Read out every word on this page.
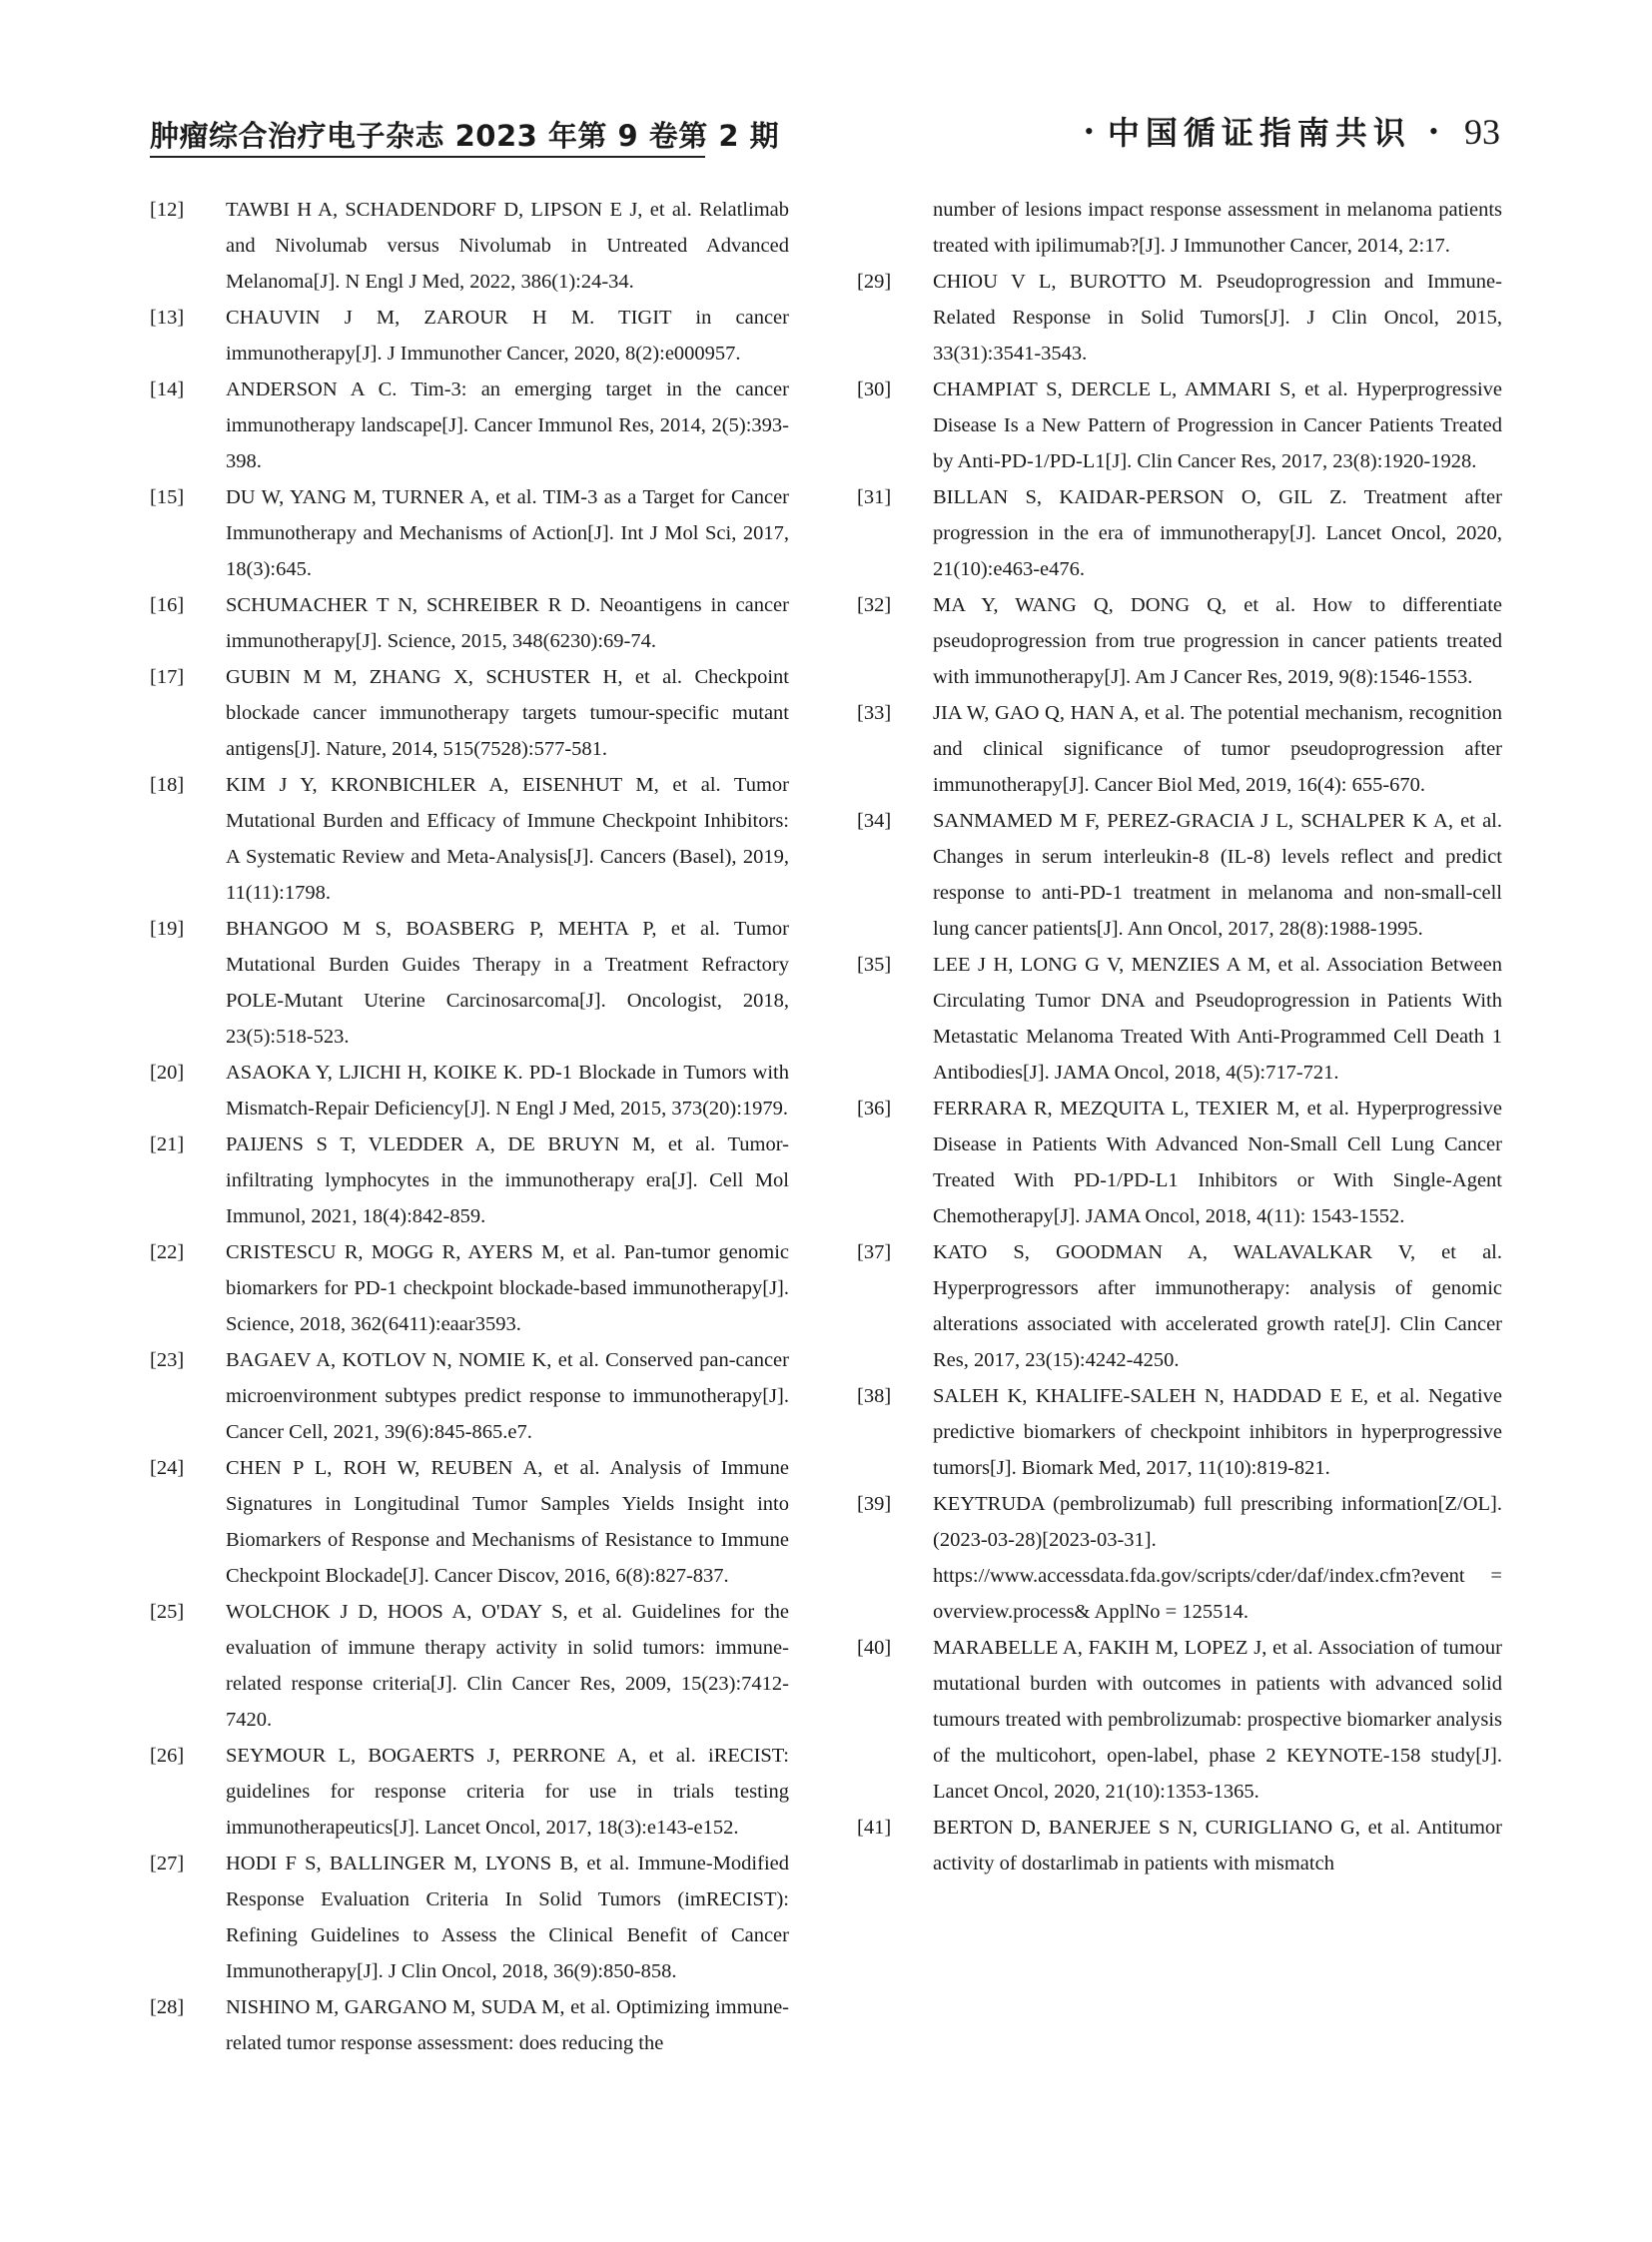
肿瘤综合治疗电子杂志 2023 年第 9 卷第 2 期	• 中国循证指南共识 • 93

[12] TAWBI H A, SCHADENDORF D, LIPSON E J, et al. Relatlimab and Nivolumab versus Nivolumab in Untreated Advanced Melanoma[J]. N Engl J Med, 2022, 386(1):24-34.

[13] CHAUVIN J M, ZAROUR H M. TIGIT in cancer immunotherapy[J]. J Immunother Cancer, 2020, 8(2):e000957.

[14] ANDERSON A C. Tim-3: an emerging target in the cancer immunotherapy landscape[J]. Cancer Immunol Res, 2014, 2(5):393-398.

[15] DU W, YANG M, TURNER A, et al. TIM-3 as a Target for Cancer Immunotherapy and Mechanisms of Action[J]. Int J Mol Sci, 2017, 18(3):645.

[16] SCHUMACHER T N, SCHREIBER R D. Neoantigens in cancer immunotherapy[J]. Science, 2015, 348(6230):69-74.

[17] GUBIN M M, ZHANG X, SCHUSTER H, et al. Checkpoint blockade cancer immunotherapy targets tumour-specific mutant antigens[J]. Nature, 2014, 515(7528):577-581.

[18] KIM J Y, KRONBICHLER A, EISENHUT M, et al. Tumor Mutational Burden and Efficacy of Immune Checkpoint Inhibitors: A Systematic Review and Meta-Analysis[J]. Cancers (Basel), 2019, 11(11):1798.

[19] BHANGOO M S, BOASBERG P, MEHTA P, et al. Tumor Mutational Burden Guides Therapy in a Treatment Refractory POLE-Mutant Uterine Carcinosarcoma[J]. Oncologist, 2018, 23(5):518-523.

[20] ASAOKA Y, LJICHI H, KOIKE K. PD-1 Blockade in Tumors with Mismatch-Repair Deficiency[J]. N Engl J Med, 2015, 373(20):1979.

[21] PAIJENS S T, VLEDDER A, DE BRUYN M, et al. Tumor-infiltrating lymphocytes in the immunotherapy era[J]. Cell Mol Immunol, 2021, 18(4):842-859.

[22] CRISTESCU R, MOGG R, AYERS M, et al. Pan-tumor genomic biomarkers for PD-1 checkpoint blockade-based immunotherapy[J]. Science, 2018, 362(6411):eaar3593.

[23] BAGAEV A, KOTLOV N, NOMIE K, et al. Conserved pan-cancer microenvironment subtypes predict response to immunotherapy[J]. Cancer Cell, 2021, 39(6):845-865.e7.

[24] CHEN P L, ROH W, REUBEN A, et al. Analysis of Immune Signatures in Longitudinal Tumor Samples Yields Insight into Biomarkers of Response and Mechanisms of Resistance to Immune Checkpoint Blockade[J]. Cancer Discov, 2016, 6(8):827-837.

[25] WOLCHOK J D, HOOS A, O'DAY S, et al. Guidelines for the evaluation of immune therapy activity in solid tumors: immune-related response criteria[J]. Clin Cancer Res, 2009, 15(23):7412-7420.

[26] SEYMOUR L, BOGAERTS J, PERRONE A, et al. iRECIST: guidelines for response criteria for use in trials testing immunotherapeutics[J]. Lancet Oncol, 2017, 18(3):e143-e152.

[27] HODI F S, BALLINGER M, LYONS B, et al. Immune-Modified Response Evaluation Criteria In Solid Tumors (imRECIST): Refining Guidelines to Assess the Clinical Benefit of Cancer Immunotherapy[J]. J Clin Oncol, 2018, 36(9):850-858.

[28] NISHINO M, GARGANO M, SUDA M, et al. Optimizing immune-related tumor response assessment: does reducing the

number of lesions impact response assessment in melanoma patients treated with ipilimumab?[J]. J Immunother Cancer, 2014, 2:17.

[29] CHIOU V L, BUROTTO M. Pseudoprogression and Immune-Related Response in Solid Tumors[J]. J Clin Oncol, 2015, 33(31):3541-3543.

[30] CHAMPIAT S, DERCLE L, AMMARI S, et al. Hyperprogressive Disease Is a New Pattern of Progression in Cancer Patients Treated by Anti-PD-1/PD-L1[J]. Clin Cancer Res, 2017, 23(8):1920-1928.

[31] BILLAN S, KAIDAR-PERSON O, GIL Z. Treatment after progression in the era of immunotherapy[J]. Lancet Oncol, 2020, 21(10):e463-e476.

[32] MA Y, WANG Q, DONG Q, et al. How to differentiate pseudoprogression from true progression in cancer patients treated with immunotherapy[J]. Am J Cancer Res, 2019, 9(8):1546-1553.

[33] JIA W, GAO Q, HAN A, et al. The potential mechanism, recognition and clinical significance of tumor pseudoprogression after immunotherapy[J]. Cancer Biol Med, 2019, 16(4): 655-670.

[34] SANMAMED M F, PEREZ-GRACIA J L, SCHALPER K A, et al. Changes in serum interleukin-8 (IL-8) levels reflect and predict response to anti-PD-1 treatment in melanoma and non-small-cell lung cancer patients[J]. Ann Oncol, 2017, 28(8):1988-1995.

[35] LEE J H, LONG G V, MENZIES A M, et al. Association Between Circulating Tumor DNA and Pseudoprogression in Patients With Metastatic Melanoma Treated With Anti-Programmed Cell Death 1 Antibodies[J]. JAMA Oncol, 2018, 4(5):717-721.

[36] FERRARA R, MEZQUITA L, TEXIER M, et al. Hyperprogressive Disease in Patients With Advanced Non-Small Cell Lung Cancer Treated With PD-1/PD-L1 Inhibitors or With Single-Agent Chemotherapy[J]. JAMA Oncol, 2018, 4(11): 1543-1552.

[37] KATO S, GOODMAN A, WALAVALKAR V, et al. Hyperprogressors after immunotherapy: analysis of genomic alterations associated with accelerated growth rate[J]. Clin Cancer Res, 2017, 23(15):4242-4250.

[38] SALEH K, KHALIFE-SALEH N, HADDAD E E, et al. Negative predictive biomarkers of checkpoint inhibitors in hyperprogressive tumors[J]. Biomark Med, 2017, 11(10):819-821.

[39] KEYTRUDA (pembrolizumab) full prescribing information[Z/OL]. (2023-03-28)[2023-03-31]. https://www.accessdata.fda.gov/scripts/cder/daf/index.cfm?event = overview.process& ApplNo = 125514.

[40] MARABELLE A, FAKIH M, LOPEZ J, et al. Association of tumour mutational burden with outcomes in patients with advanced solid tumours treated with pembrolizumab: prospective biomarker analysis of the multicohort, open-label, phase 2 KEYNOTE-158 study[J]. Lancet Oncol, 2020, 21(10):1353-1365.

[41] BERTON D, BANERJEE S N, CURIGLIANO G, et al. Antitumor activity of dostarlimab in patients with mismatch
